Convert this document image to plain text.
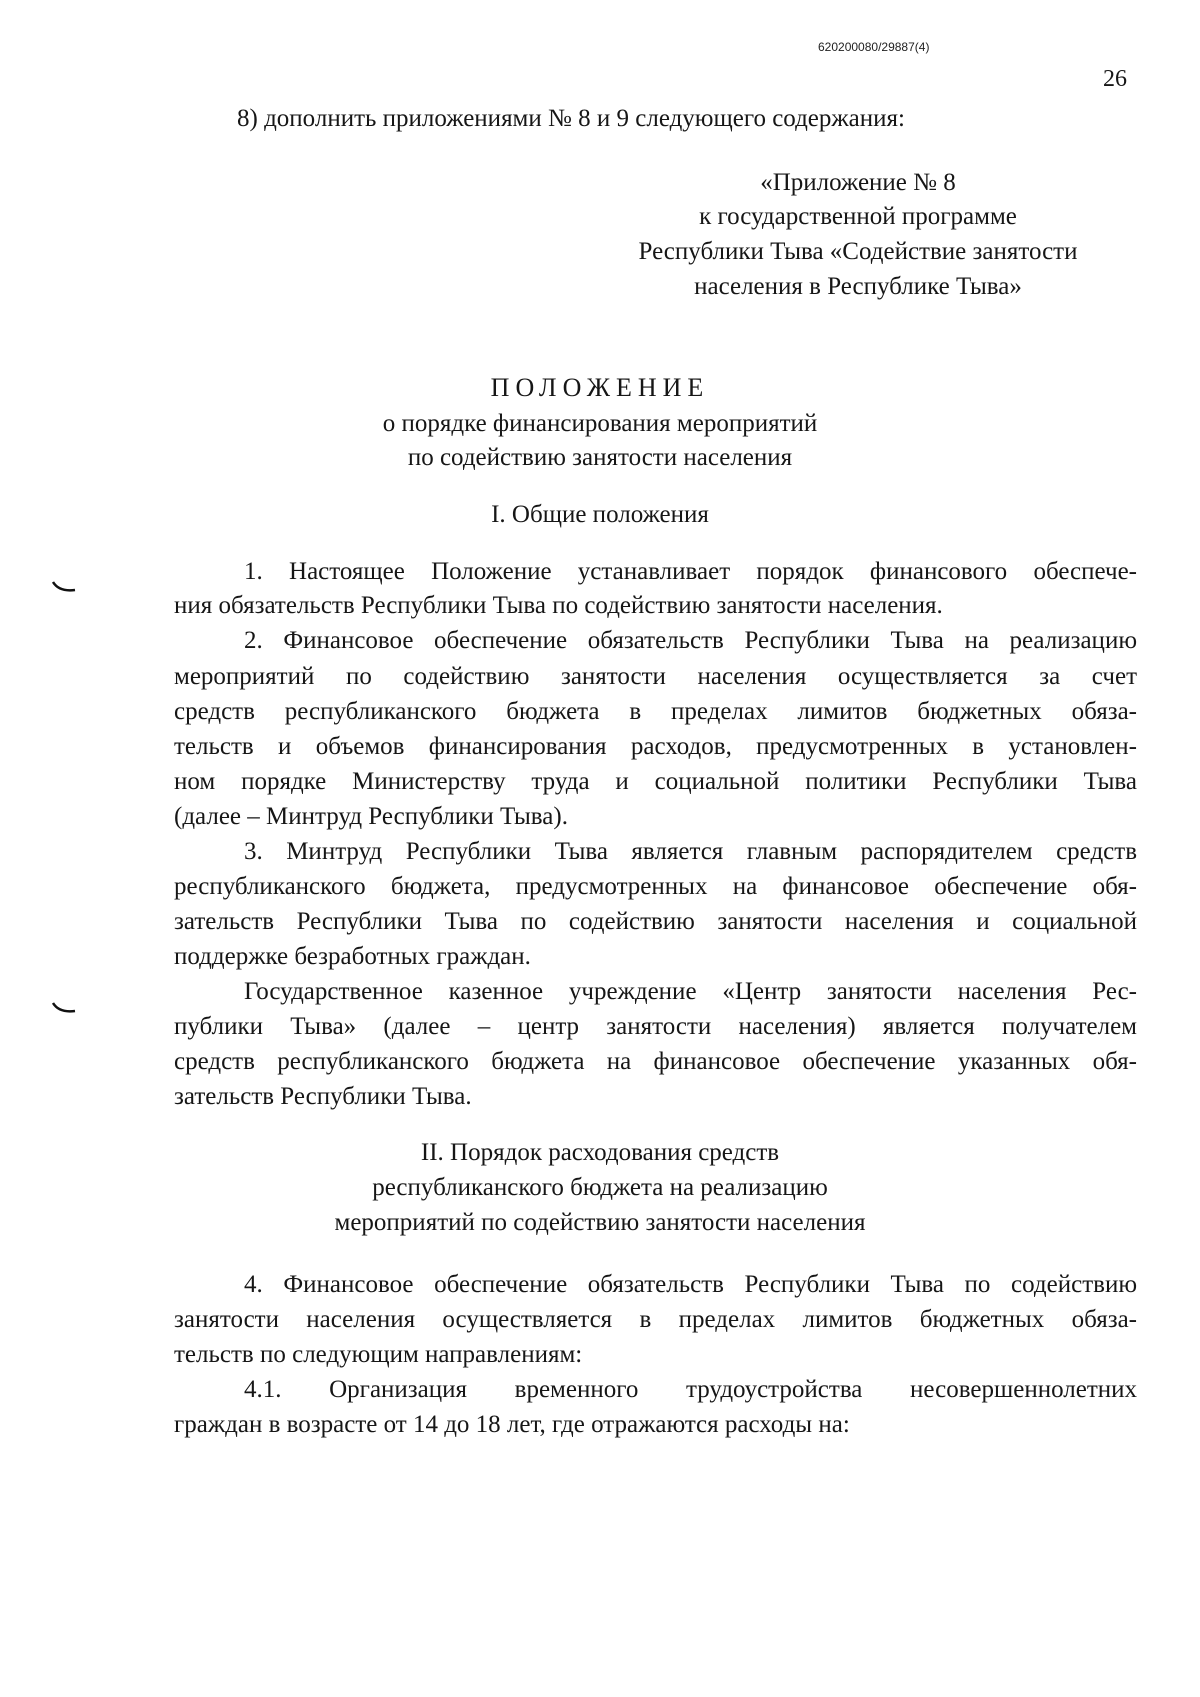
620200080/29887(4)
26
8) дополнить приложениями № 8 и 9 следующего содержания:
«Приложение № 8
к государственной программе
Республики Тыва «Содействие занятости
населения в Республике Тыва»
ПОЛОЖЕНИЕ
о порядке финансирования мероприятий
по содействию занятости населения
I. Общие положения
1. Настоящее Положение устанавливает порядок финансового обеспече-
ния обязательств Республики Тыва по содействию занятости населения.
2. Финансовое обеспечение обязательств Республики Тыва на реализацию
мероприятий по содействию занятости населения осуществляется за счет
средств республиканского бюджета в пределах лимитов бюджетных обяза-
тельств и объемов финансирования расходов, предусмотренных в установлен-
ном порядке Министерству труда и социальной политики Республики Тыва
(далее – Минтруд Республики Тыва).
3. Минтруд Республики Тыва является главным распорядителем средств
республиканского бюджета, предусмотренных на финансовое обеспечение обя-
зательств Республики Тыва по содействию занятости населения и социальной
поддержке безработных граждан.
Государственное казенное учреждение «Центр занятости населения Рес-
публики Тыва» (далее – центр занятости населения) является получателем
средств республиканского бюджета на финансовое обеспечение указанных обя-
зательств Республики Тыва.
II. Порядок расходования средств
республиканского бюджета на реализацию
мероприятий по содействию занятости населения
4. Финансовое обеспечение обязательств Республики Тыва по содействию
занятости населения осуществляется в пределах лимитов бюджетных обяза-
тельств по следующим направлениям:
4.1. Организация временного трудоустройства несовершеннолетних
граждан в возрасте от 14 до 18 лет, где отражаются расходы на:
